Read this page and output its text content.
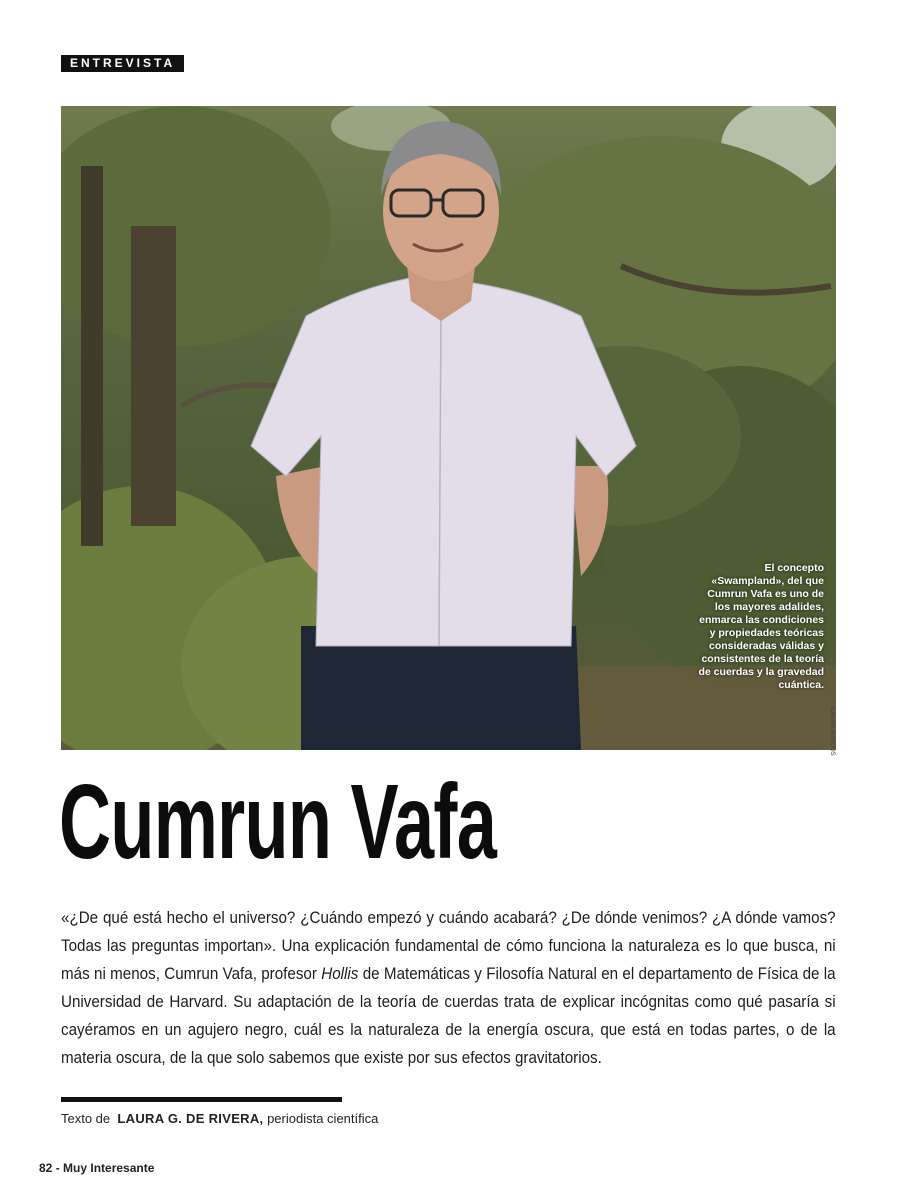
ENTREVISTA
El concepto «Swampland», del que Cumrun Vafa es uno de los mayores adalides, enmarca las condiciones y propiedades teóricas consideradas válidas y consistentes de la teoría de cuerdas y la gravedad cuántica.
LAURA MARCOS
Cumrun Vafa
«¿De qué está hecho el universo? ¿Cuándo empezó y cuándo acabará? ¿De dónde venimos? ¿A dónde vamos? Todas las preguntas importan». Una explicación fundamental de cómo funciona la naturaleza es lo que busca, ni más ni menos, Cumrun Vafa, profesor Hollis de Matemáticas y Filosofía Natural en el departamento de Física de la Universidad de Harvard. Su adaptación de la teoría de cuerdas trata de explicar incógnitas como qué pasaría si cayéramos en un agujero negro, cuál es la naturaleza de la energía oscura, que está en todas partes, o de la materia oscura, de la que solo sabemos que existe por sus efectos gravitatorios.
Texto de LAURA G. DE RIVERA, periodista científica
82 - Muy Interesante
